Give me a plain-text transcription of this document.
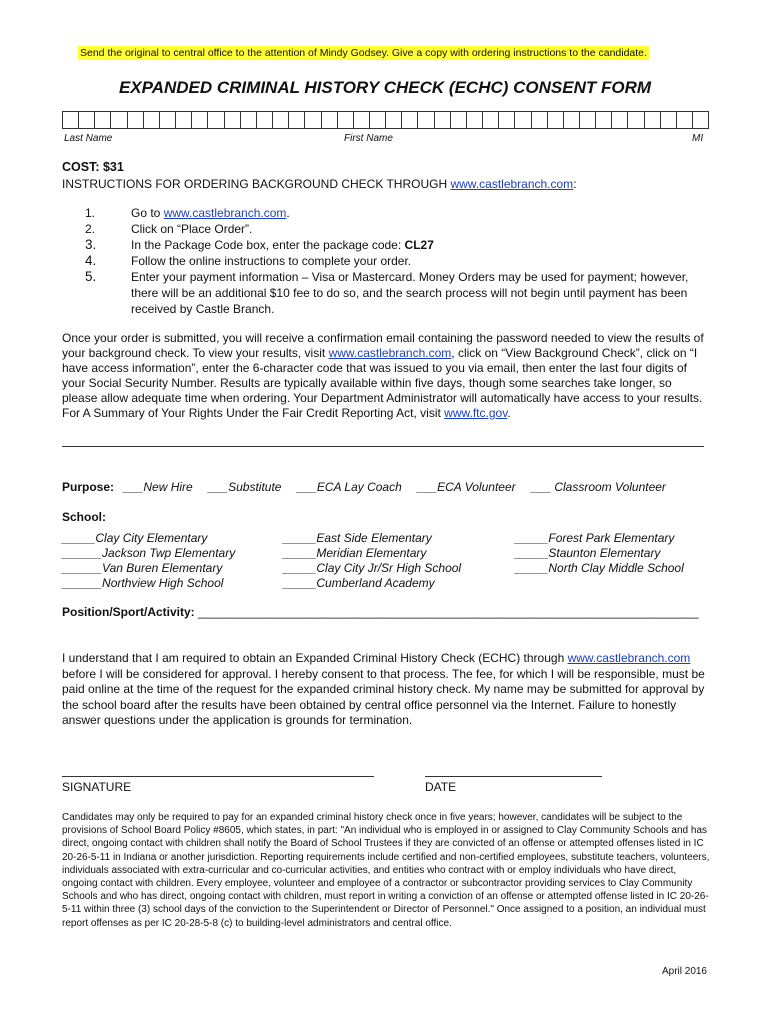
Send the original to central office to the attention of Mindy Godsey. Give a copy with ordering instructions to the candidate.
EXPANDED CRIMINAL HISTORY CHECK (ECHC) CONSENT FORM
Last Name	First Name	MI
COST: $31
INSTRUCTIONS FOR ORDERING BACKGROUND CHECK THROUGH www.castlebranch.com:
1.	Go to www.castlebranch.com.
2.	Click on “Place Order”.
3.	In the Package Code box, enter the package code: CL27
4.	Follow the online instructions to complete your order.
5.	Enter your payment information – Visa or Mastercard. Money Orders may be used for payment; however, there will be an additional $10 fee to do so, and the search process will not begin until payment has been received by Castle Branch.
Once your order is submitted, you will receive a confirmation email containing the password needed to view the results of your background check. To view your results, visit www.castlebranch.com, click on “View Background Check”, click on “I have access information”, enter the 6-character code that was issued to you via email, then enter the last four digits of your Social Security Number. Results are typically available within five days, though some searches take longer, so please allow adequate time when ordering. Your Department Administrator will automatically have access to your results. For A Summary of Your Rights Under the Fair Credit Reporting Act, visit www.ftc.gov.
Purpose: ___New Hire ___Substitute ___ECA Lay Coach ___ECA Volunteer ___ Classroom Volunteer
School:
_____Clay City Elementary
______Jackson Twp Elementary
______Van Buren Elementary
______Northview High School
_____East Side Elementary
_____Meridian Elementary
_____Clay City Jr/Sr High School
_____Cumberland Academy
_____Forest Park Elementary
_____Staunton Elementary
_____North Clay Middle School
Position/Sport/Activity: ___________________________________________________________________________
I understand that I am required to obtain an Expanded Criminal History Check (ECHC) through www.castlebranch.com before I will be considered for approval. I hereby consent to that process. The fee, for which I will be responsible, must be paid online at the time of the request for the expanded criminal history check. My name may be submitted for approval by the school board after the results have been obtained by central office personnel via the Internet. Failure to honestly answer questions under the application is grounds for termination.
SIGNATURE	DATE
Candidates may only be required to pay for an expanded criminal history check once in five years; however, candidates will be subject to the provisions of School Board Policy #8605, which states, in part: "An individual who is employed in or assigned to Clay Community Schools and has direct, ongoing contact with children shall notify the Board of School Trustees if they are convicted of an offense or attempted offenses listed in IC 20-26-5-11 in Indiana or another jurisdiction. Reporting requirements include certified and non-certified employees, substitute teachers, volunteers, individuals associated with extra-curricular and co-curricular activities, and entities who contract with or employ individuals who have direct, ongoing contact with children. Every employee, volunteer and employee of a contractor or subcontractor providing services to Clay Community Schools and who has direct, ongoing contact with children, must report in writing a conviction of an offense or attempted offense listed in IC 20-26-5-11 within three (3) school days of the conviction to the Superintendent or Director of Personnel." Once assigned to a position, an individual must report offenses as per IC 20-28-5-8 (c) to building-level administrators and central office.
April 2016
